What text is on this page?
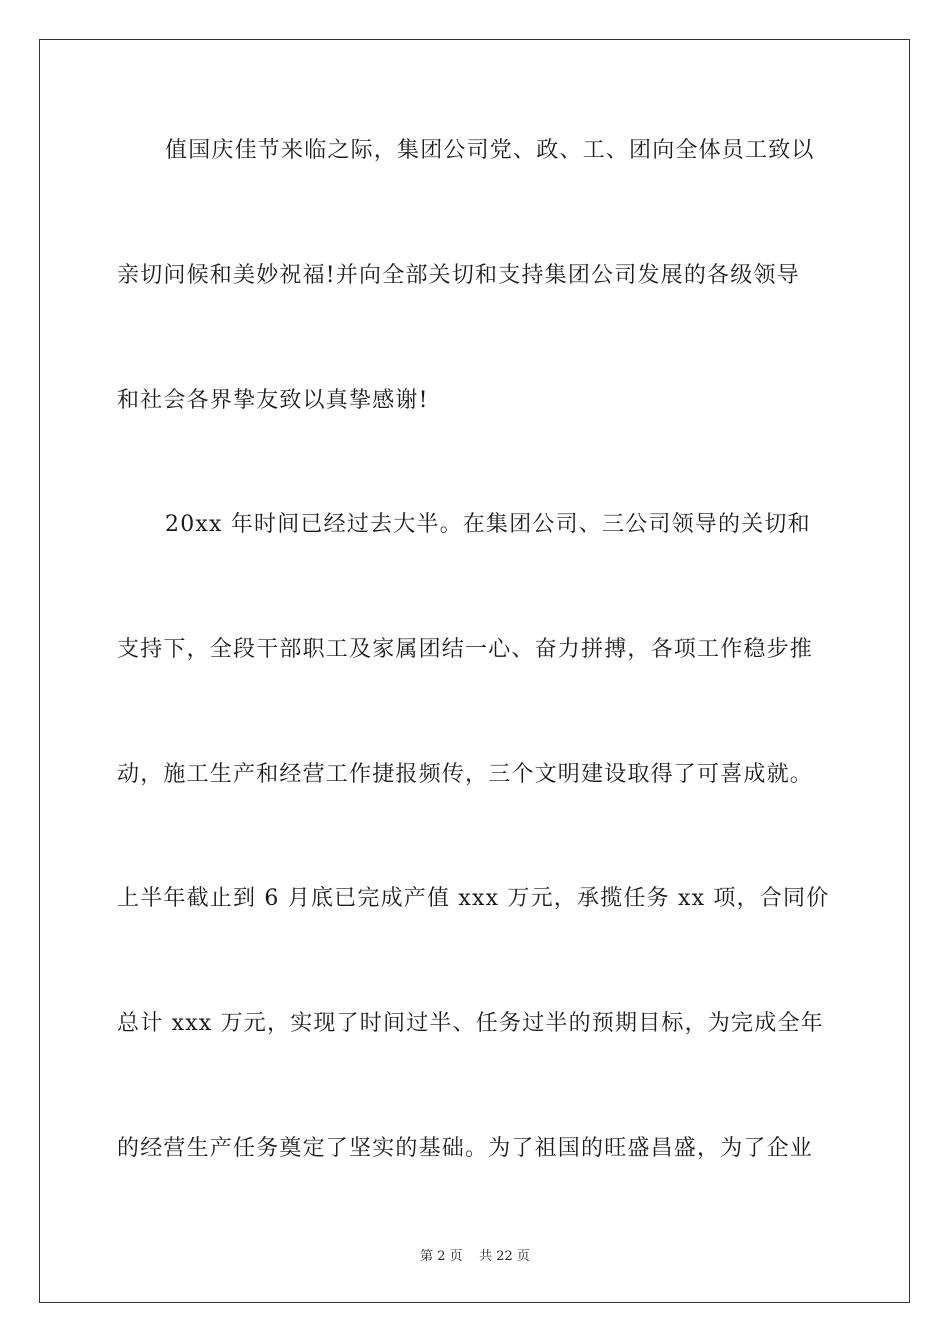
值国庆佳节来临之际，集团公司党、政、工、团向全体员工致以
亲切问候和美妙祝福!并向全部关切和支持集团公司发展的各级领导
和社会各界挚友致以真挚感谢!
20xx 年时间已经过去大半。在集团公司、三公司领导的关切和
支持下，全段干部职工及家属团结一心、奋力拼搏，各项工作稳步推
动，施工生产和经营工作捷报频传，三个文明建设取得了可喜成就。
上半年截止到 6 月底已完成产值 xxx 万元，承揽任务 xx 项，合同价
总计 xxx 万元，实现了时间过半、任务过半的预期目标，为完成全年
的经营生产任务奠定了坚实的基础。为了祖国的旺盛昌盛，为了企业
第 2 页    共 22 页
